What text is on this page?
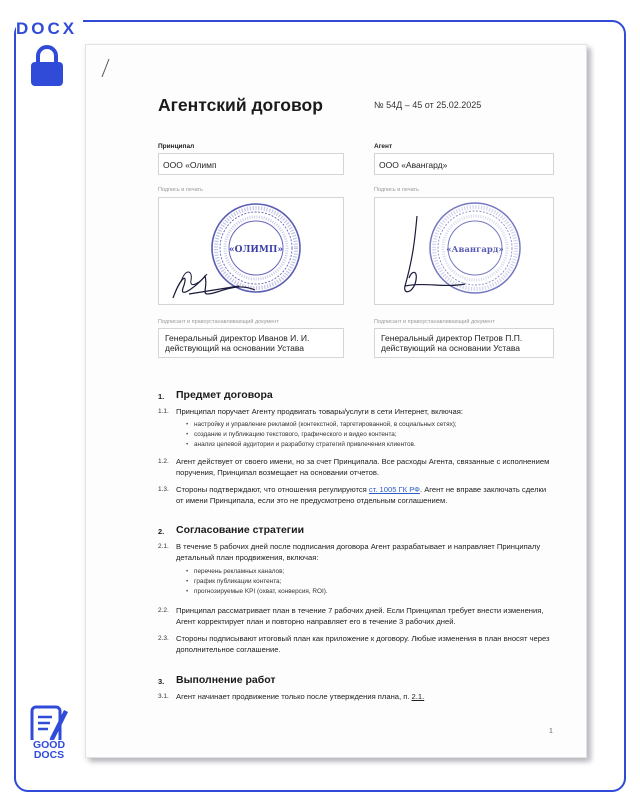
DOCX
GOOD
DOCS
Агентский договор	№ 54Д – 45 от 25.02.2025
Принципал
ООО «Олимп
Подпись и печать
«ОЛИМП»
Подписант и правоустанавливающий документ
Генеральный директор Иванов И. И.
действующий на основании Устава
Агент
ООО «Авангард»
Подпись и печать
«Авангард»
Подписант и правоустанавливающий документ
Генеральный директор Петров П.П.
действующий на основании Устава
1. Предмет договора
1.1. Принципал поручает Агенту продвигать товары/услуги в сети Интернет, включая:
• настройку и управление рекламой (контекстной, таргетированной, в социальных сетях);
• создание и публикацию текстового, графического и видео контента;
• анализ целевой аудитории и разработку стратегий привлечения клиентов.
1.2. Агент действует от своего имени, но за счет Принципала. Все расходы Агента, связанные с исполнением поручения, Принципал возмещает на основании отчетов.
1.3. Стороны подтверждают, что отношения регулируются ст. 1005 ГК РФ. Агент не вправе заключать сделки от имени Принципала, если это не предусмотрено отдельным соглашением.
2. Согласование стратегии
2.1. В течение 5 рабочих дней после подписания договора Агент разрабатывает и направляет Принципалу детальный план продвижения, включая:
• перечень рекламных каналов;
• график публикации контента;
• прогнозируемые KPI (охват, конверсия, ROI).
2.2. Принципал рассматривает план в течение 7 рабочих дней. Если Принципал требует внести изменения, Агент корректирует план и повторно направляет его в течение 3 рабочих дней.
2.3. Стороны подписывают итоговый план как приложение к договору. Любые изменения в план вносят через дополнительное соглашение.
3. Выполнение работ
3.1. Агент начинает продвижение только после утверждения плана, п. 2.1.
1
